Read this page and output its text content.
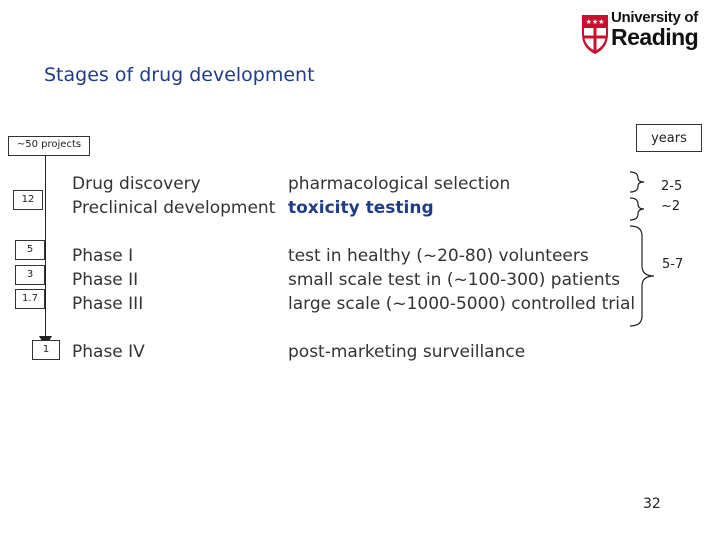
★★★ University of
Reading
Stages of drug development
~50 projects	years
12
5
3
1.7
1
Drug discovery
Preclinical development
Phase I
Phase II
Phase III
Phase IV
pharmacological selection
toxicity testing
test in healthy (~20-80) volunteers
small scale test in (~100-300) patients
large scale (~1000-5000) controlled trial
post-marketing surveillance
2-5
~2
5-7
32
